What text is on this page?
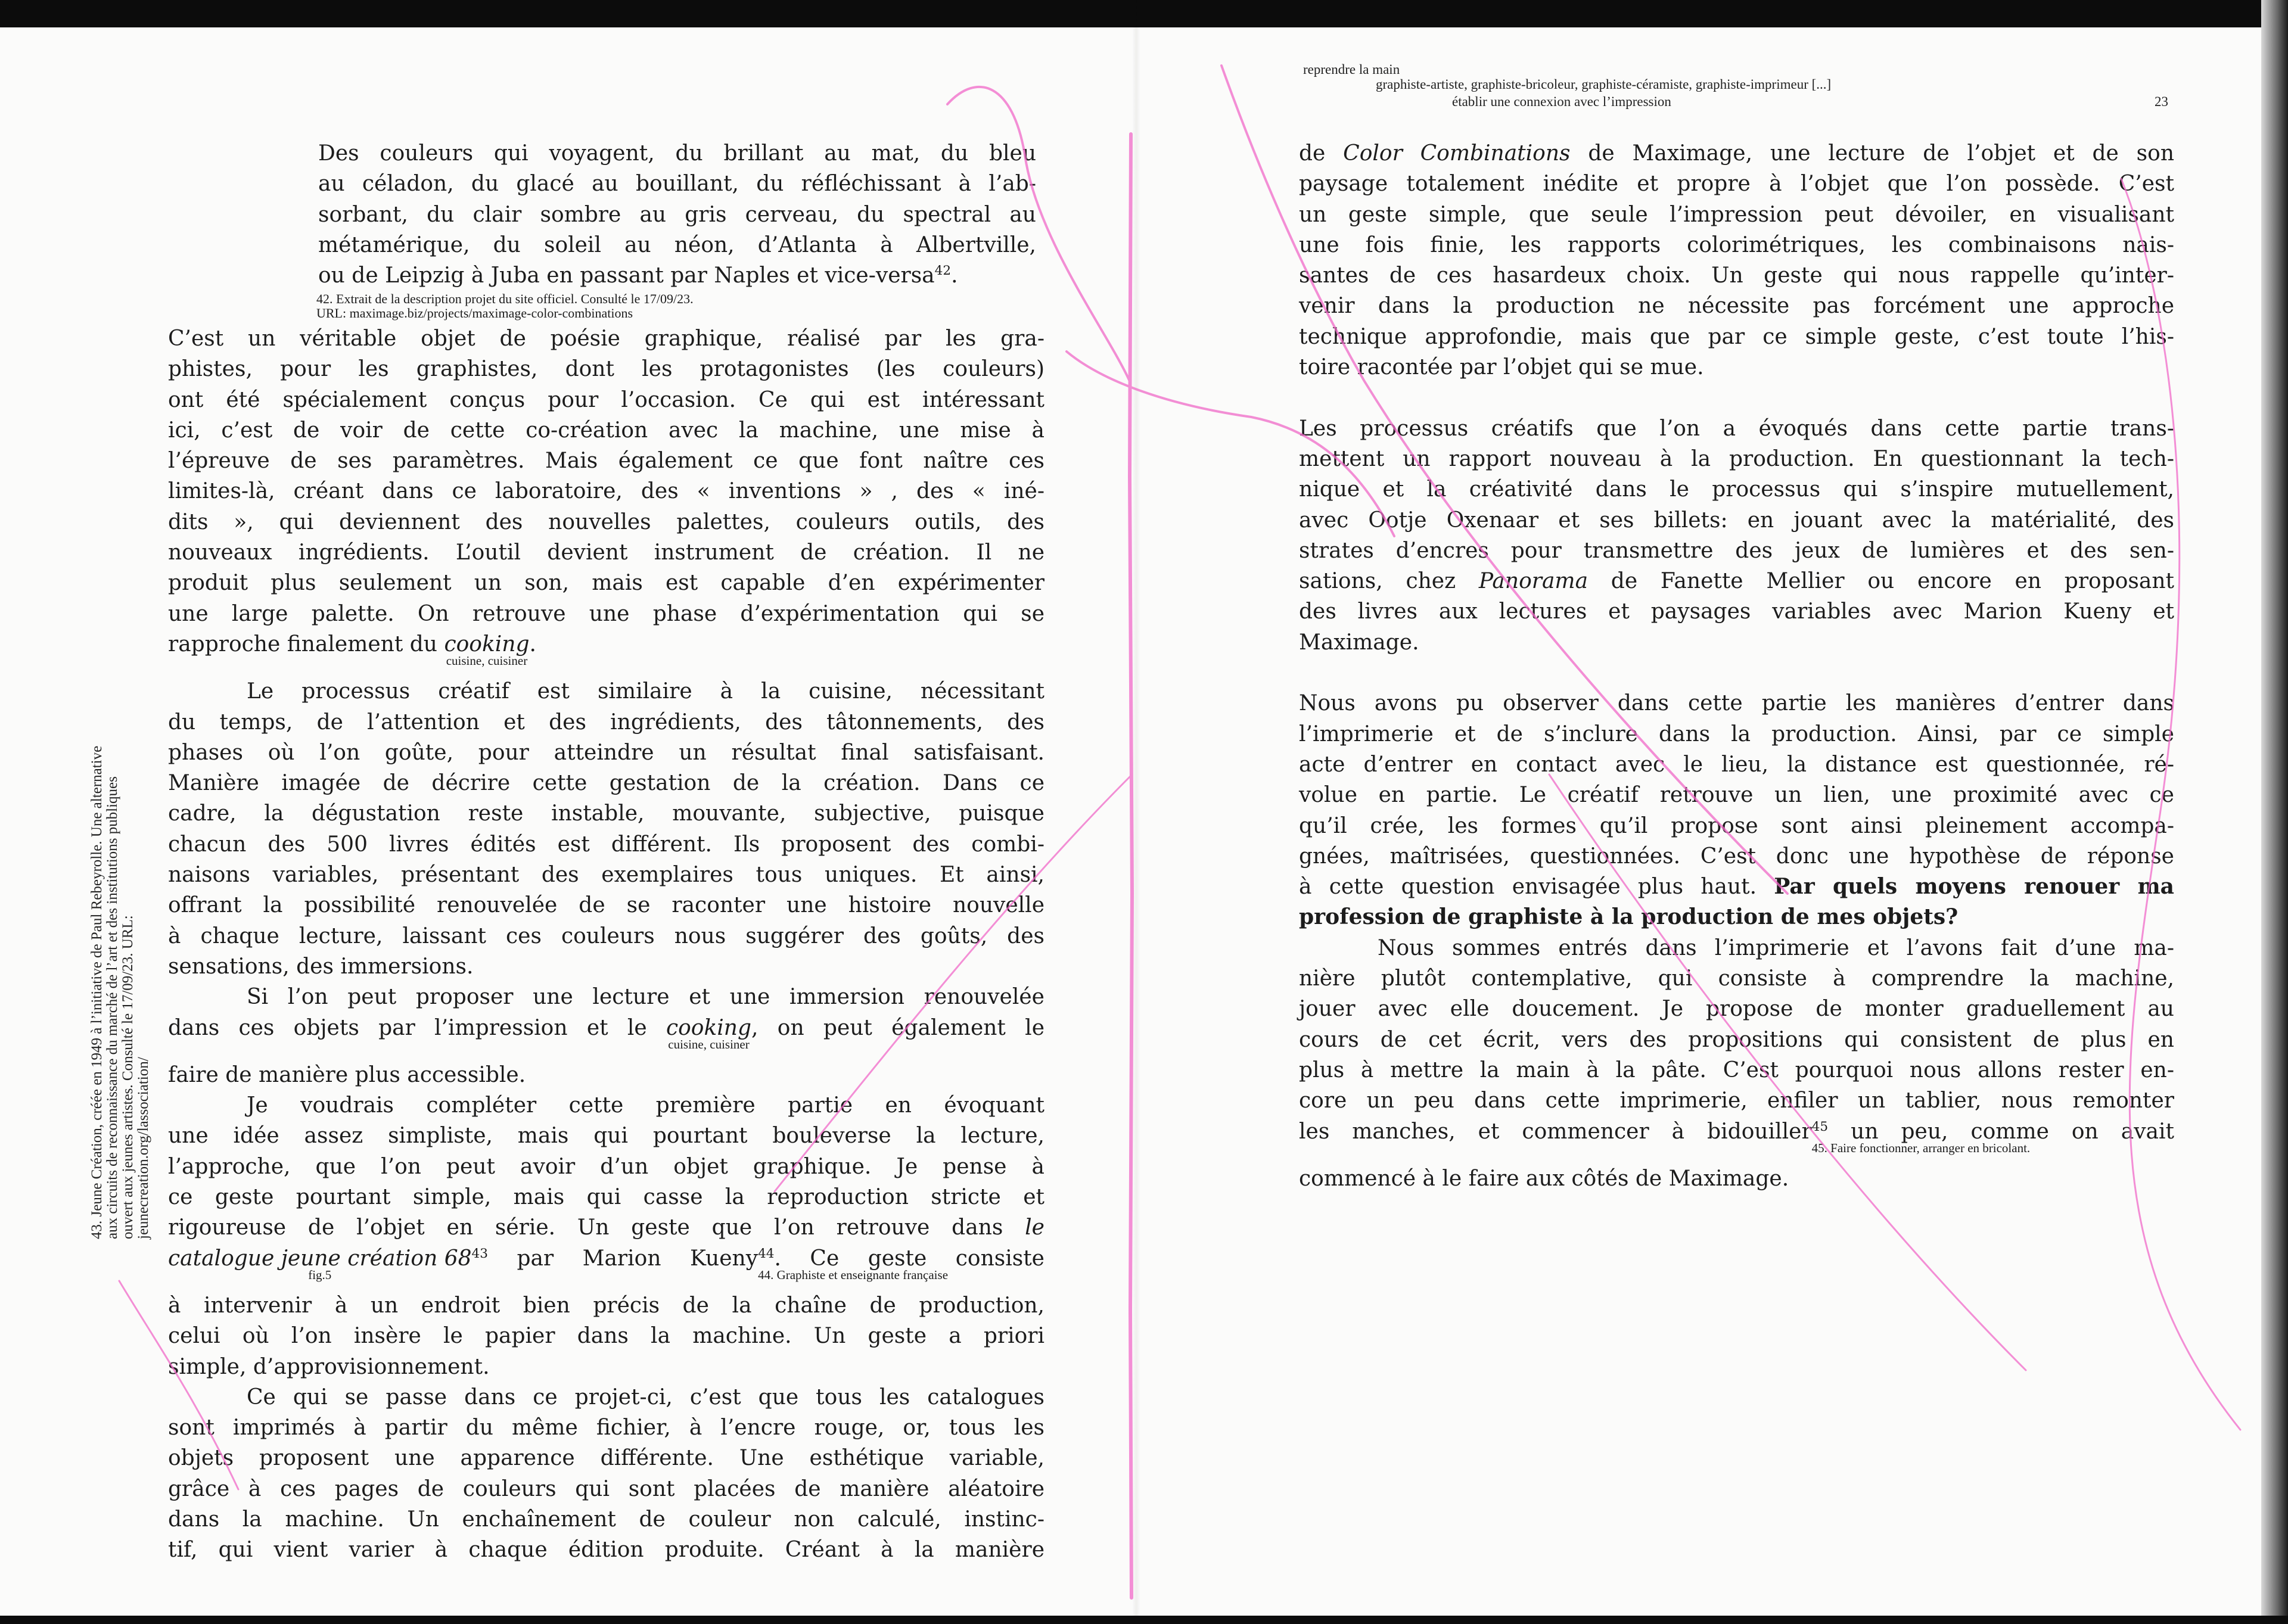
reprendre la main
graphiste-artiste, graphiste-bricoleur, graphiste-céramiste, graphiste-imprimeur [...]
établir une connexion avec l’impression	23
43. Jeune Création, créée en 1949 à l’initiative de Paul Rebeyrolle. Une alternative aux circuits de reconnaissance du marché de l’art et des institutions publiques ouvert aux jeunes artistes. Consulté le 17/09/23. URL: jeunecreation.org/lassociation/
Des couleurs qui voyagent, du brillant au mat, du bleu
au céladon, du glacé au bouillant, du réfléchissant à l’ab-
sorbant, du clair sombre au gris cerveau, du spectral au
métamérique, du soleil au néon, d’Atlanta à Albertville,
ou de Leipzig à Juba en passant par Naples et vice-versa$^{42}$.
42. Extrait de la description projet du site officiel. Consulté le 17/09/23.
URL: maximage.biz/projects/maximage-color-combinations
C’est un véritable objet de poésie graphique, réalisé par les gra-
phistes, pour les graphistes, dont les protagonistes (les couleurs)
ont été spécialement conçus pour l’occasion. Ce qui est intéressant
ici, c’est de voir de cette co-création avec la machine, une mise à
l’épreuve de ses paramètres. Mais également ce que font naître ces
limites-là, créant dans ce laboratoire, des « inventions » , des « iné-
dits », qui deviennent des nouvelles palettes, couleurs outils, des
nouveaux ingrédients. L’outil devient instrument de création. Il ne
produit plus seulement un son, mais est capable d’en expérimenter
une large palette. On retrouve une phase d’expérimentation qui se
rapproche finalement du cooking
cuisine, cuisiner
.
Le processus créatif est similaire à la cuisine, nécessitant
du temps, de l’attention et des ingrédients, des tâtonnements, des
phases où l’on goûte, pour atteindre un résultat final satisfaisant.
Manière imagée de décrire cette gestation de la création. Dans ce
cadre, la dégustation reste instable, mouvante, subjective, puisque
chacun des 500 livres édités est différent. Ils proposent des combi-
naisons variables, présentant des exemplaires tous uniques. Et ainsi,
offrant la possibilité renouvelée de se raconter une histoire nouvelle
à chaque lecture, laissant ces couleurs nous suggérer des goûts, des
sensations, des immersions.
Si l’on peut proposer une lecture et une immersion renouvelée
dans ces objets par l’impression et le cooking
cuisine, cuisiner
, on peut également le
faire de manière plus accessible.
Je voudrais compléter cette première partie en évoquant
une idée assez simpliste, mais qui pourtant bouleverse la lecture,
l’approche, que l’on peut avoir d’un objet graphique. Je pense à
ce geste pourtant simple, mais qui casse la reproduction stricte et
rigoureuse de l’objet en série. Un geste que l’on retrouve dans le
catalogue jeune création 68
fig.5
$^{43}$ par Marion Kueny$^{44}$
44. Graphiste et enseignante française
. Ce geste consiste
à intervenir à un endroit bien précis de la chaîne de production,
celui où l’on insère le papier dans la machine. Un geste a priori
simple, d’approvisionnement.
Ce qui se passe dans ce projet-ci, c’est que tous les catalogues
sont imprimés à partir du même fichier, à l’encre rouge, or, tous les
objets proposent une apparence différente. Une esthétique variable,
grâce à ces pages de couleurs qui sont placées de manière aléatoire
dans la machine. Un enchaînement de couleur non calculé, instinc-
tif, qui vient varier à chaque édition produite. Créant à la manière
de Color Combinations de Maximage, une lecture de l’objet et de son
paysage totalement inédite et propre à l’objet que l’on possède. C’est
un geste simple, que seule l’impression peut dévoiler, en visualisant
une fois finie, les rapports colorimétriques, les combinaisons nais-
santes de ces hasardeux choix. Un geste qui nous rappelle qu’inter-
venir dans la production ne nécessite pas forcément une approche
technique approfondie, mais que par ce simple geste, c’est toute l’his-
toire racontée par l’objet qui se mue.
Les processus créatifs que l’on a évoqués dans cette partie trans-
mettent un rapport nouveau à la production. En questionnant la tech-
nique et la créativité dans le processus qui s’inspire mutuellement,
avec Ootje Oxenaar et ses billets: en jouant avec la matérialité, des
strates d’encres pour transmettre des jeux de lumières et des sen-
sations, chez Panorama de Fanette Mellier ou encore en proposant
des livres aux lectures et paysages variables avec Marion Kueny et
Maximage.
Nous avons pu observer dans cette partie les manières d’entrer dans
l’imprimerie et de s’inclure dans la production. Ainsi, par ce simple
acte d’entrer en contact avec le lieu, la distance est questionnée, ré-
volue en partie. Le créatif retrouve un lien, une proximité avec ce
qu’il crée, les formes qu’il propose sont ainsi pleinement accompa-
gnées, maîtrisées, questionnées. C’est donc une hypothèse de réponse
à cette question envisagée plus haut. Par quels moyens renouer ma
profession de graphiste à la production de mes objets?
Nous sommes entrés dans l’imprimerie et l’avons fait d’une ma-
nière plutôt contemplative, qui consiste à comprendre la machine,
jouer avec elle doucement. Je propose de monter graduellement au
cours de cet écrit, vers des propositions qui consistent de plus en
plus à mettre la main à la pâte. C’est pourquoi nous allons rester en-
core un peu dans cette imprimerie, enfiler un tablier, nous remonter
les manches, et commencer à bidouiller$^{45}$
45. Faire fonctionner, arranger en bricolant.
un peu, comme on avait
commencé à le faire aux côtés de Maximage.
